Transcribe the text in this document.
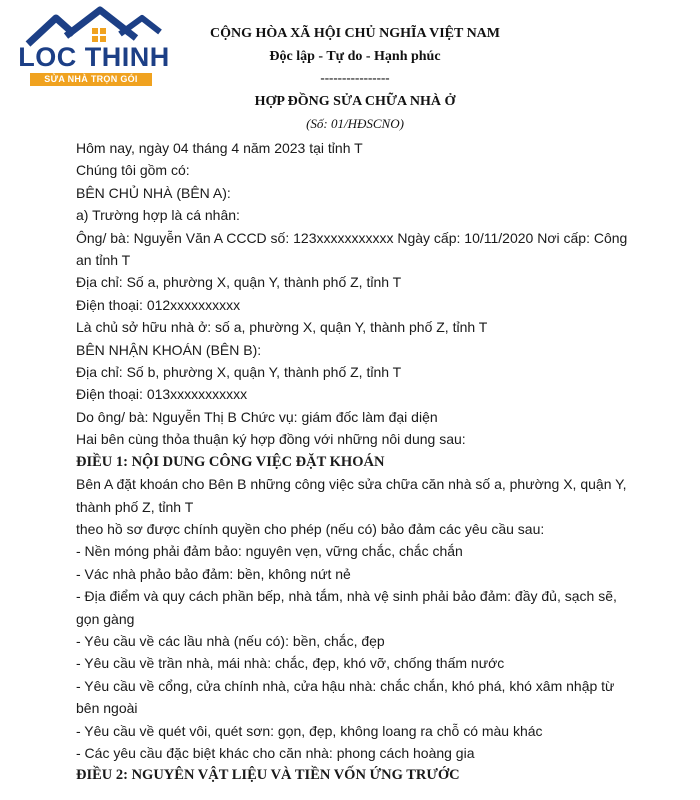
LOC THINH
SỬA NHÀ TRỌN GÓI
CỘNG HÒA XÃ HỘI CHỦ NGHĨA VIỆT NAM
Độc lập - Tự do - Hạnh phúc
----------------
HỢP ĐỒNG SỬA CHỮA NHÀ Ở
(Số: 01/HĐSCNO)
Hôm nay, ngày 04 tháng 4 năm 2023 tại tỉnh T
Chúng tôi gồm có:
BÊN CHỦ NHÀ (BÊN A):
a) Trường hợp là cá nhân:
Ông/ bà: Nguyễn Văn A CCCD số: 123xxxxxxxxxxx Ngày cấp: 10/11/2020 Nơi cấp: Công an tỉnh T
Địa chỉ: Số a, phường X, quận Y, thành phố Z, tỉnh T
Điện thoại: 012xxxxxxxxxx
Là chủ sở hữu nhà ở: số a, phường X, quận Y, thành phố Z, tỉnh T
BÊN NHẬN KHOÁN (BÊN B):
Địa chỉ: Số b, phường X, quận Y, thành phố Z, tỉnh T
Điện thoại: 013xxxxxxxxxxx
Do ông/ bà: Nguyễn Thị B Chức vụ: giám đốc làm đại diện
Hai bên cùng thỏa thuận ký hợp đồng với những nôi dung sau:
ĐIỀU 1: NỘI DUNG CÔNG VIỆC ĐẶT KHOÁN
Bên A đặt khoán cho Bên B những công việc sửa chữa căn nhà số a, phường X, quận Y, thành phố Z, tỉnh T
theo hồ sơ được chính quyền cho phép (nếu có) bảo đảm các yêu cầu sau:
- Nền móng phải đảm bảo: nguyên vẹn, vững chắc, chắc chắn
- Vác nhà phảo bảo đảm: bền, không nứt nẻ
- Địa điểm và quy cách phần bếp, nhà tắm, nhà vệ sinh phải bảo đảm: đầy đủ, sạch sẽ, gọn gàng
- Yêu cầu về các lầu nhà (nếu có): bền, chắc, đẹp
- Yêu cầu về trần nhà, mái nhà: chắc, đẹp, khó vỡ, chống thấm nước
- Yêu cầu về cổng, cửa chính nhà, cửa hậu nhà: chắc chắn, khó phá, khó xâm nhập từ bên ngoài
- Yêu cầu về quét vôi, quét sơn: gọn, đẹp, không loang ra chỗ có màu khác
- Các yêu cầu đặc biệt khác cho căn nhà: phong cách hoàng gia
ĐIỀU 2: NGUYÊN VẬT LIỆU VÀ TIỀN VỐN ỨNG TRƯỚC
